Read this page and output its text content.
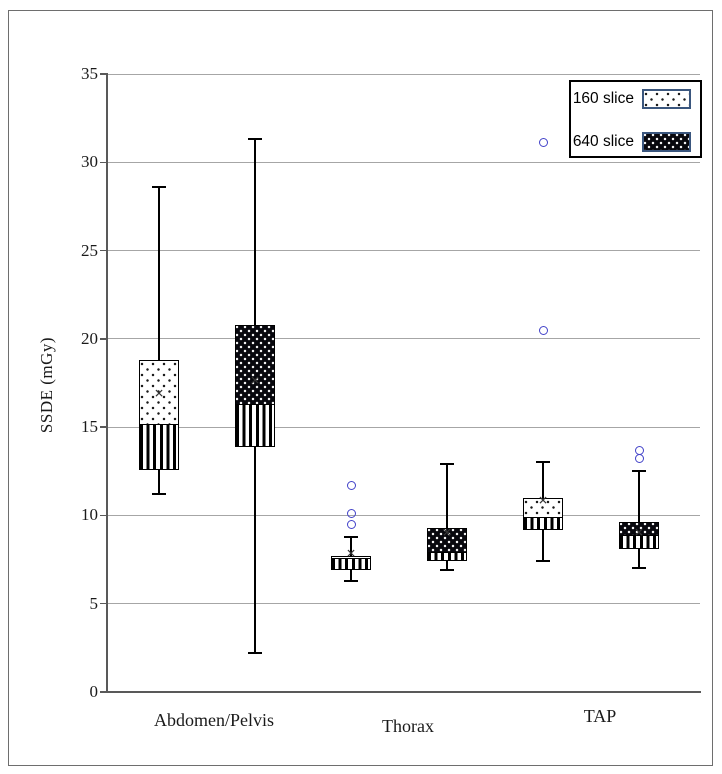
SSDE (mGy)
160 slice
640 slice
0
5
10
15
20
25
30
35
Abdomen/Pelvis	Thorax	TAP
✕
✕
✕
✕
✕	✕
